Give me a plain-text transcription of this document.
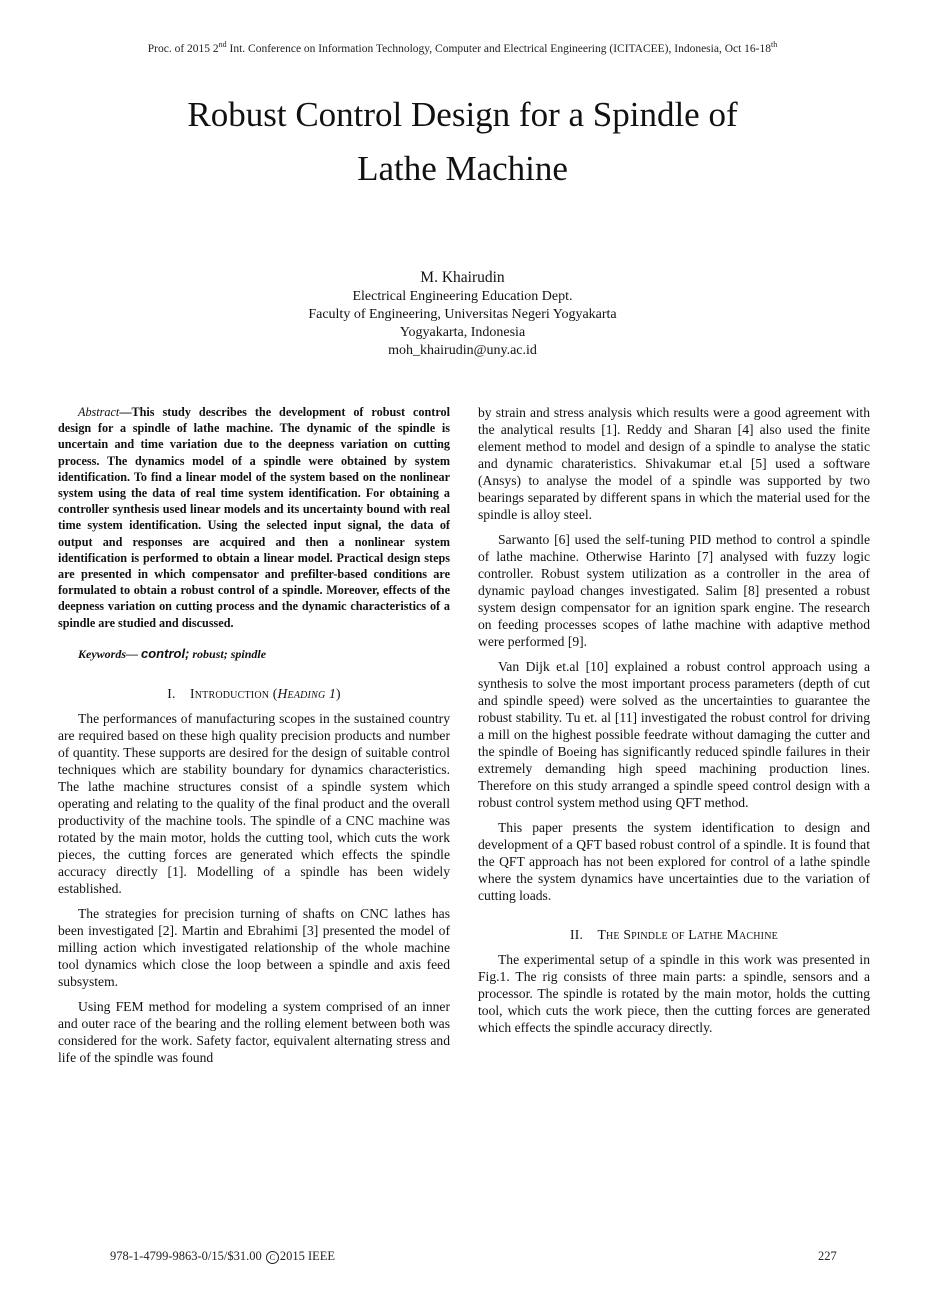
Proc. of 2015 2nd Int. Conference on Information Technology, Computer and Electrical Engineering (ICITACEE), Indonesia, Oct 16-18th
Robust Control Design for a Spindle of
Lathe Machine
M. Khairudin
Electrical Engineering Education Dept.
Faculty of Engineering, Universitas Negeri Yogyakarta
Yogyakarta, Indonesia
moh_khairudin@uny.ac.id

Abstract—This study describes the development of robust control design for a spindle of lathe machine. The dynamic of the spindle is uncertain and time variation due to the deepness variation on cutting process. The dynamics model of a spindle were obtained by system identification. To find a linear model of the system based on the nonlinear system using the data of real time system identification. For obtaining a controller synthesis used linear models and its uncertainty bound with real time system identification. Using the selected input signal, the data of output and responses are acquired and then a nonlinear system identification is performed to obtain a linear model. Practical design steps are presented in which compensator and prefilter-based conditions are formulated to obtain a robust control of a spindle. Moreover, effects of the deepness variation on cutting process and the dynamic characteristics of a spindle are studied and discussed.

Keywords— control; robust; spindle

I. Introduction (Heading 1)

The performances of manufacturing scopes in the sustained country are required based on these high quality precision products and number of quantity. These supports are desired for the design of suitable control techniques which are stability boundary for dynamics characteristics. The lathe machine structures consist of a spindle system which operating and relating to the quality of the final product and the overall productivity of the machine tools. The spindle of a CNC machine was rotated by the main motor, holds the cutting tool, which cuts the work pieces, the cutting forces are generated which effects the spindle accuracy directly [1]. Modelling of a spindle has been widely established.

The strategies for precision turning of shafts on CNC lathes has been investigated [2]. Martin and Ebrahimi [3] presented the model of milling action which investigated relationship of the whole machine tool dynamics which close the loop between a spindle and axis feed subsystem.

Using FEM method for modeling a system comprised of an inner and outer race of the bearing and the rolling element between both was considered for the work. Safety factor, equivalent alternating stress and life of the spindle was found

by strain and stress analysis which results were a good agreement with the analytical results [1]. Reddy and Sharan [4] also used the finite element method to model and design of a spindle to analyse the static and dynamic charateristics. Shivakumar et.al [5] used a software (Ansys) to analyse the model of a spindle was supported by two bearings separated by different spans in which the material used for the spindle is alloy steel.

Sarwanto [6] used the self-tuning PID method to control a spindle of lathe machine. Otherwise Harinto [7] analysed with fuzzy logic controller. Robust system utilization as a controller in the area of dynamic payload changes investigated. Salim [8] presented a robust system design compensator for an ignition spark engine. The research on feeding processes scopes of lathe machine with adaptive method were performed [9].

Van Dijk et.al [10] explained a robust control approach using a synthesis to solve the most important process parameters (depth of cut and spindle speed) were solved as the uncertainties to guarantee the robust stability. Tu et. al [11] investigated the robust control for driving a mill on the highest possible feedrate without damaging the cutter and the spindle of Boeing has significantly reduced spindle failures in their extremely demanding high speed machining production lines. Therefore on this study arranged a spindle speed control design with a robust control system method using QFT method.

This paper presents the system identification to design and development of a QFT based robust control of a spindle. It is found that the QFT approach has not been explored for control of a lathe spindle where the system dynamics have uncertainties due to the variation of cutting loads.

II. The Spindle of Lathe Machine

The experimental setup of a spindle in this work was presented in Fig.1. The rig consists of three main parts: a spindle, sensors and a processor. The spindle is rotated by the main motor, holds the cutting tool, which cuts the work piece, then the cutting forces are generated which effects the spindle accuracy directly.

978-1-4799-9863-0/15/$31.00 C 2015 IEEE	227
